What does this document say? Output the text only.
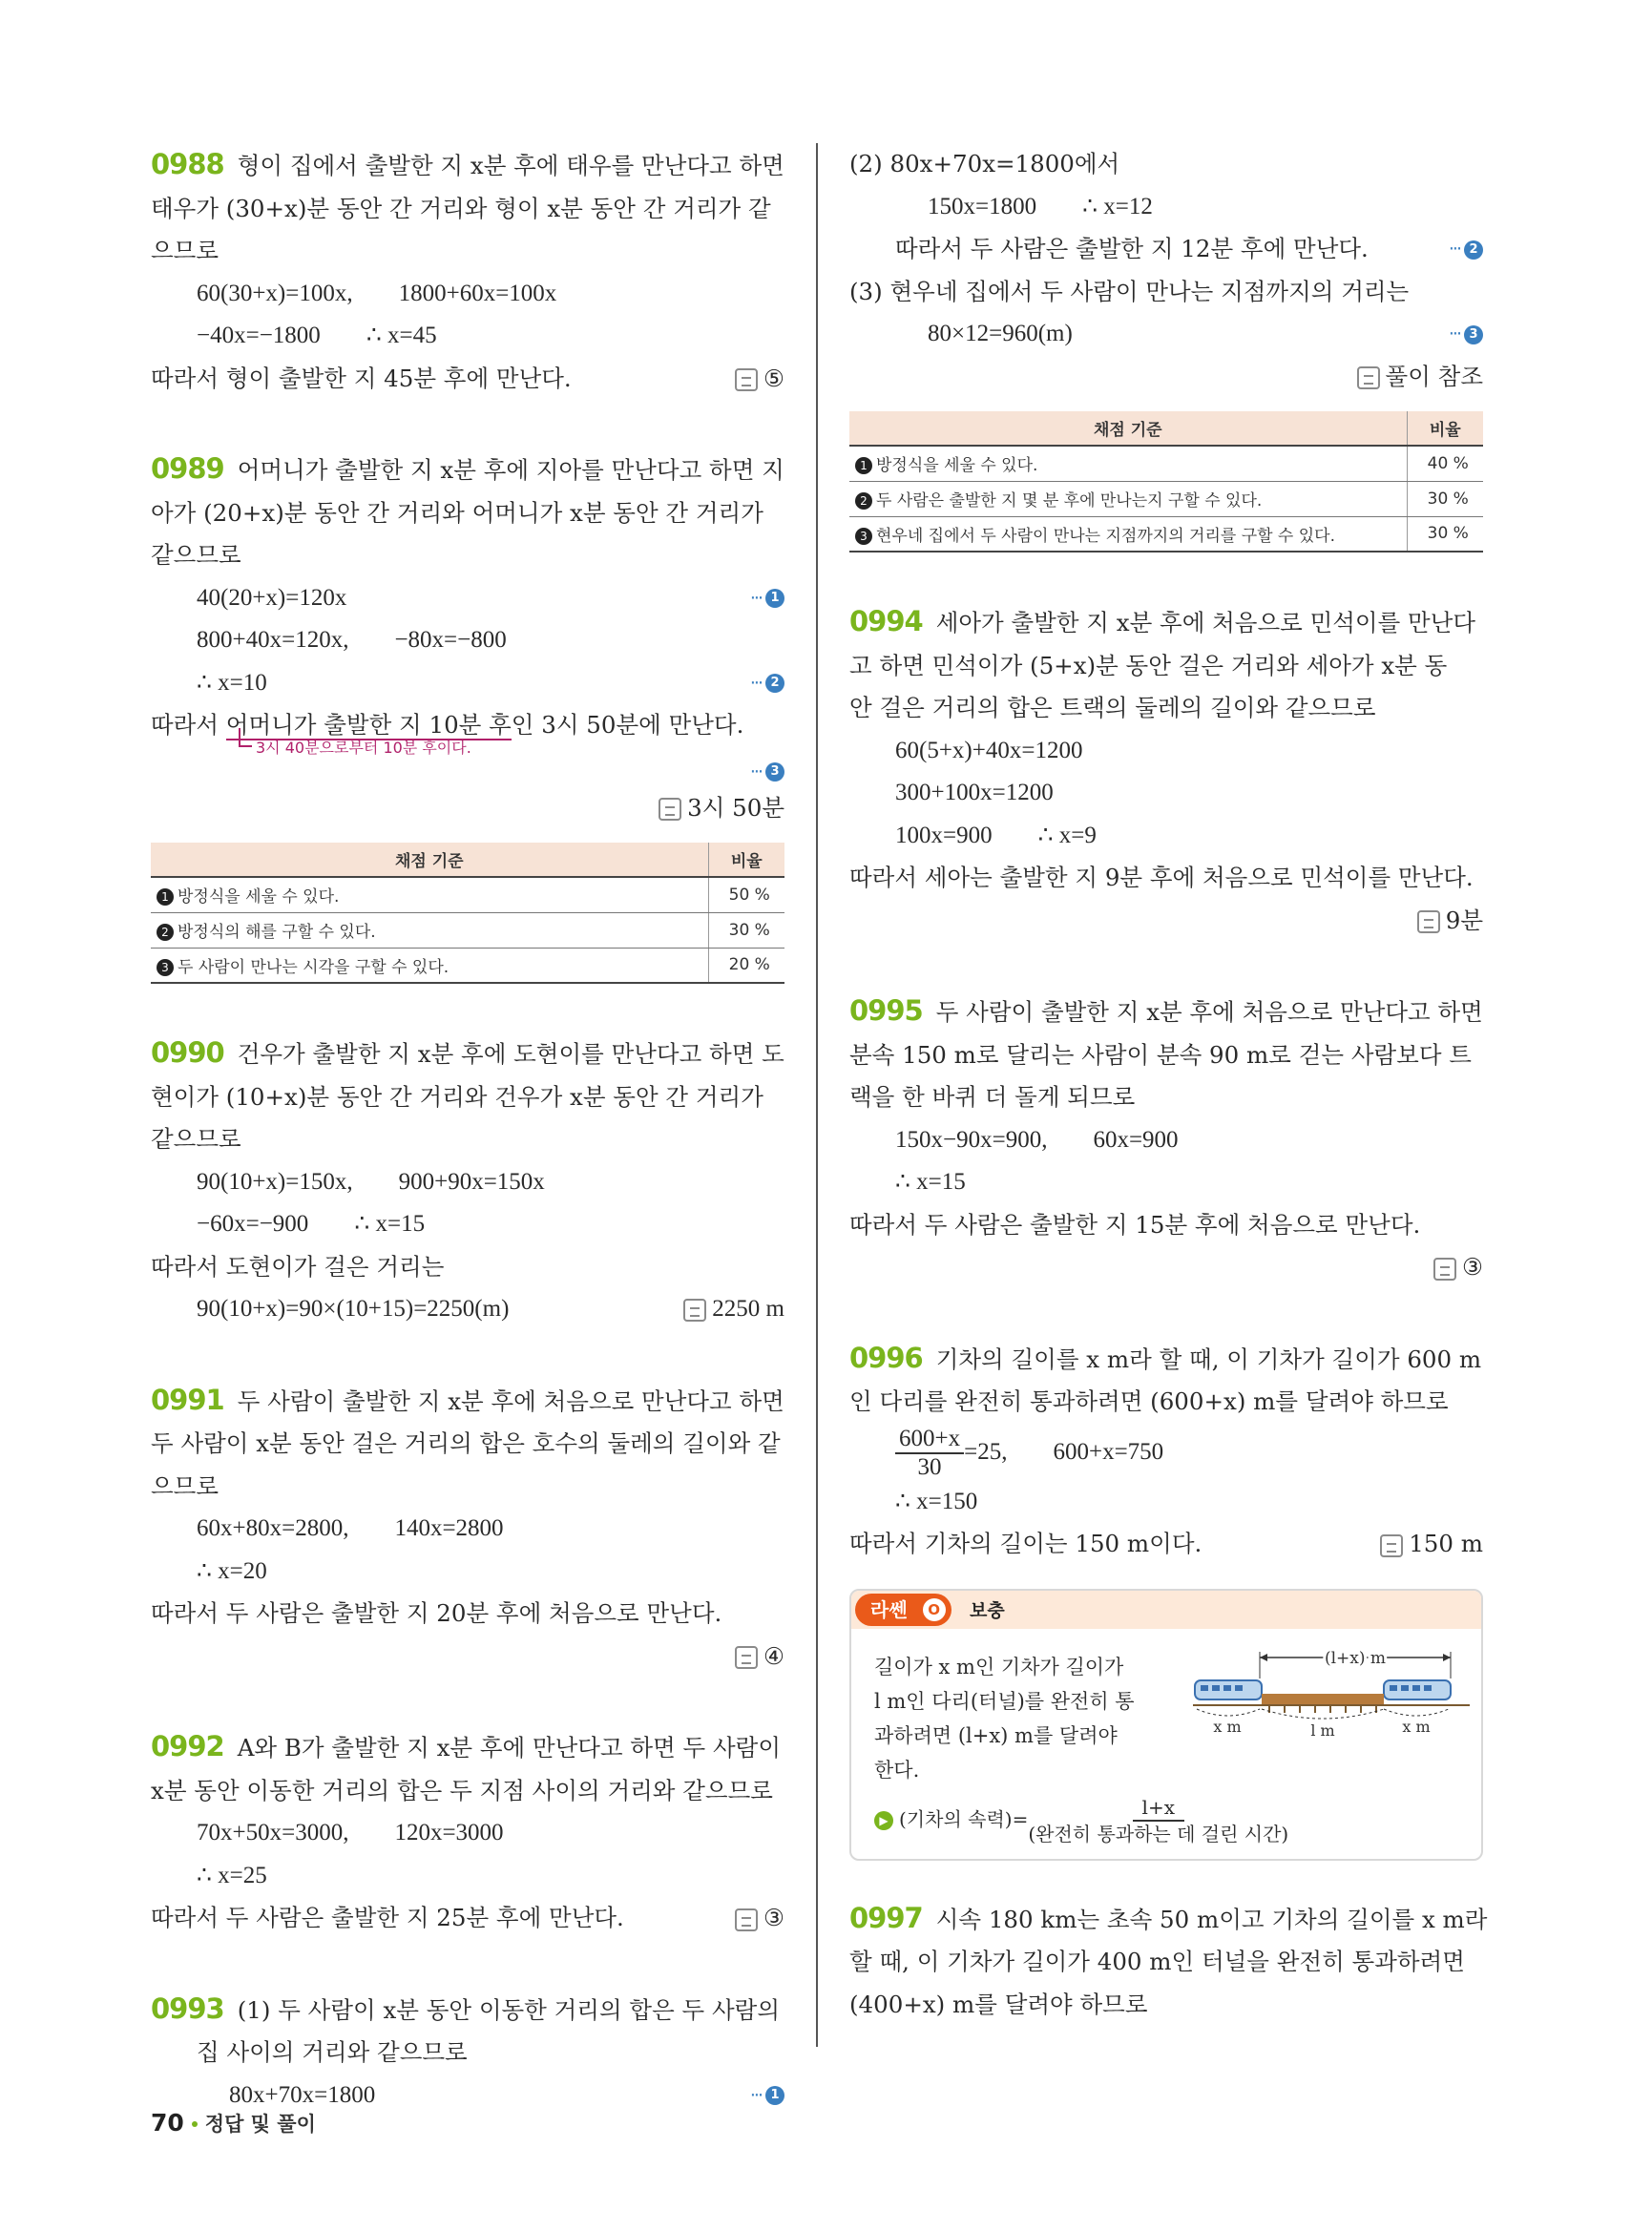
0988 형이 집에서 출발한 지 x분 후에 태우를 만난다고 하면
태우가 (30+x)분 동안 간 거리와 형이 x분 동안 간 거리가 같
으므로
60(30+x)=100x, 1800+60x=100x
−40x=−1800 ∴ x=45
따라서 형이 출발한 지 45분 후에 만난다.	⑤
0989 어머니가 출발한 지 x분 후에 지아를 만난다고 하면 지
아가 (20+x)분 동안 간 거리와 어머니가 x분 동안 간 거리가
같으므로
40(20+x)=120x	··· 1
800+40x=120x, −80x=−800
∴ x=10	··· 2
따라서 어머니가 출발한 지 10분 후인 3시 50분에 만난다.
3시 40분으로부터 10분 후이다.
··· 3
3시 50분
채점 기준	비율
1 방정식을 세울 수 있다.	50 %
2 방정식의 해를 구할 수 있다.	30 %
3 두 사람이 만나는 시각을 구할 수 있다.	20 %
0990 건우가 출발한 지 x분 후에 도현이를 만난다고 하면 도
현이가 (10+x)분 동안 간 거리와 건우가 x분 동안 간 거리가
같으므로
90(10+x)=150x, 900+90x=150x
−60x=−900 ∴ x=15
따라서 도현이가 걸은 거리는
90(10+x)=90×(10+15)=2250(m)	2250 m
0991 두 사람이 출발한 지 x분 후에 처음으로 만난다고 하면
두 사람이 x분 동안 걸은 거리의 합은 호수의 둘레의 길이와 같
으므로
60x+80x=2800, 140x=2800
∴ x=20
따라서 두 사람은 출발한 지 20분 후에 처음으로 만난다.
④
0992 A와 B가 출발한 지 x분 후에 만난다고 하면 두 사람이
x분 동안 이동한 거리의 합은 두 지점 사이의 거리와 같으므로
70x+50x=3000, 120x=3000
∴ x=25
따라서 두 사람은 출발한 지 25분 후에 만난다.	③
0993 (1) 두 사람이 x분 동안 이동한 거리의 합은 두 사람의
집 사이의 거리와 같으므로
80x+70x=1800	··· 1
(2) 80x+70x=1800에서
150x=1800 ∴ x=12
따라서 두 사람은 출발한 지 12분 후에 만난다.	··· 2
(3) 현우네 집에서 두 사람이 만나는 지점까지의 거리는
80×12=960(m)	··· 3
풀이 참조
채점 기준	비율
1 방정식을 세울 수 있다.	40 %
2 두 사람은 출발한 지 몇 분 후에 만나는지 구할 수 있다.	30 %
3 현우네 집에서 두 사람이 만나는 지점까지의 거리를 구할 수 있다.	30 %
0994 세아가 출발한 지 x분 후에 처음으로 민석이를 만난다
고 하면 민석이가 (5+x)분 동안 걸은 거리와 세아가 x분 동
안 걸은 거리의 합은 트랙의 둘레의 길이와 같으므로
60(5+x)+40x=1200
300+100x=1200
100x=900 ∴ x=9
따라서 세아는 출발한 지 9분 후에 처음으로 민석이를 만난다.
9분
0995 두 사람이 출발한 지 x분 후에 처음으로 만난다고 하면
분속 150 m로 달리는 사람이 분속 90 m로 걷는 사람보다 트
랙을 한 바퀴 더 돌게 되므로
150x−90x=900, 60x=900
∴ x=15
따라서 두 사람은 출발한 지 15분 후에 처음으로 만난다.
③
0996 기차의 길이를 x m라 할 때, 이 기차가 길이가 600 m
인 다리를 완전히 통과하려면 (600+x) m를 달려야 하므로
$\frac{600+x}{30} =25$, 600+x=750
∴ x=150
따라서 기차의 길이는 150 m이다.	150 m
라쎈	O 보충
길이가 x m인 기차가 길이가
l m인 다리(터널)를 완전히 통
과하려면 (l+x) m를 달려야
한다.
▶ (기차의 속력)= $\frac{l+x}{\text{(완전히 통과하는 데 걸린 시간)}}$
(l+x) m
x m	l m	x m
0997 시속 180 km는 초속 50 m이고 기차의 길이를 x m라
할 때, 이 기차가 길이가 400 m인 터널을 완전히 통과하려면
(400+x) m를 달려야 하므로
70 정답 및 풀이
